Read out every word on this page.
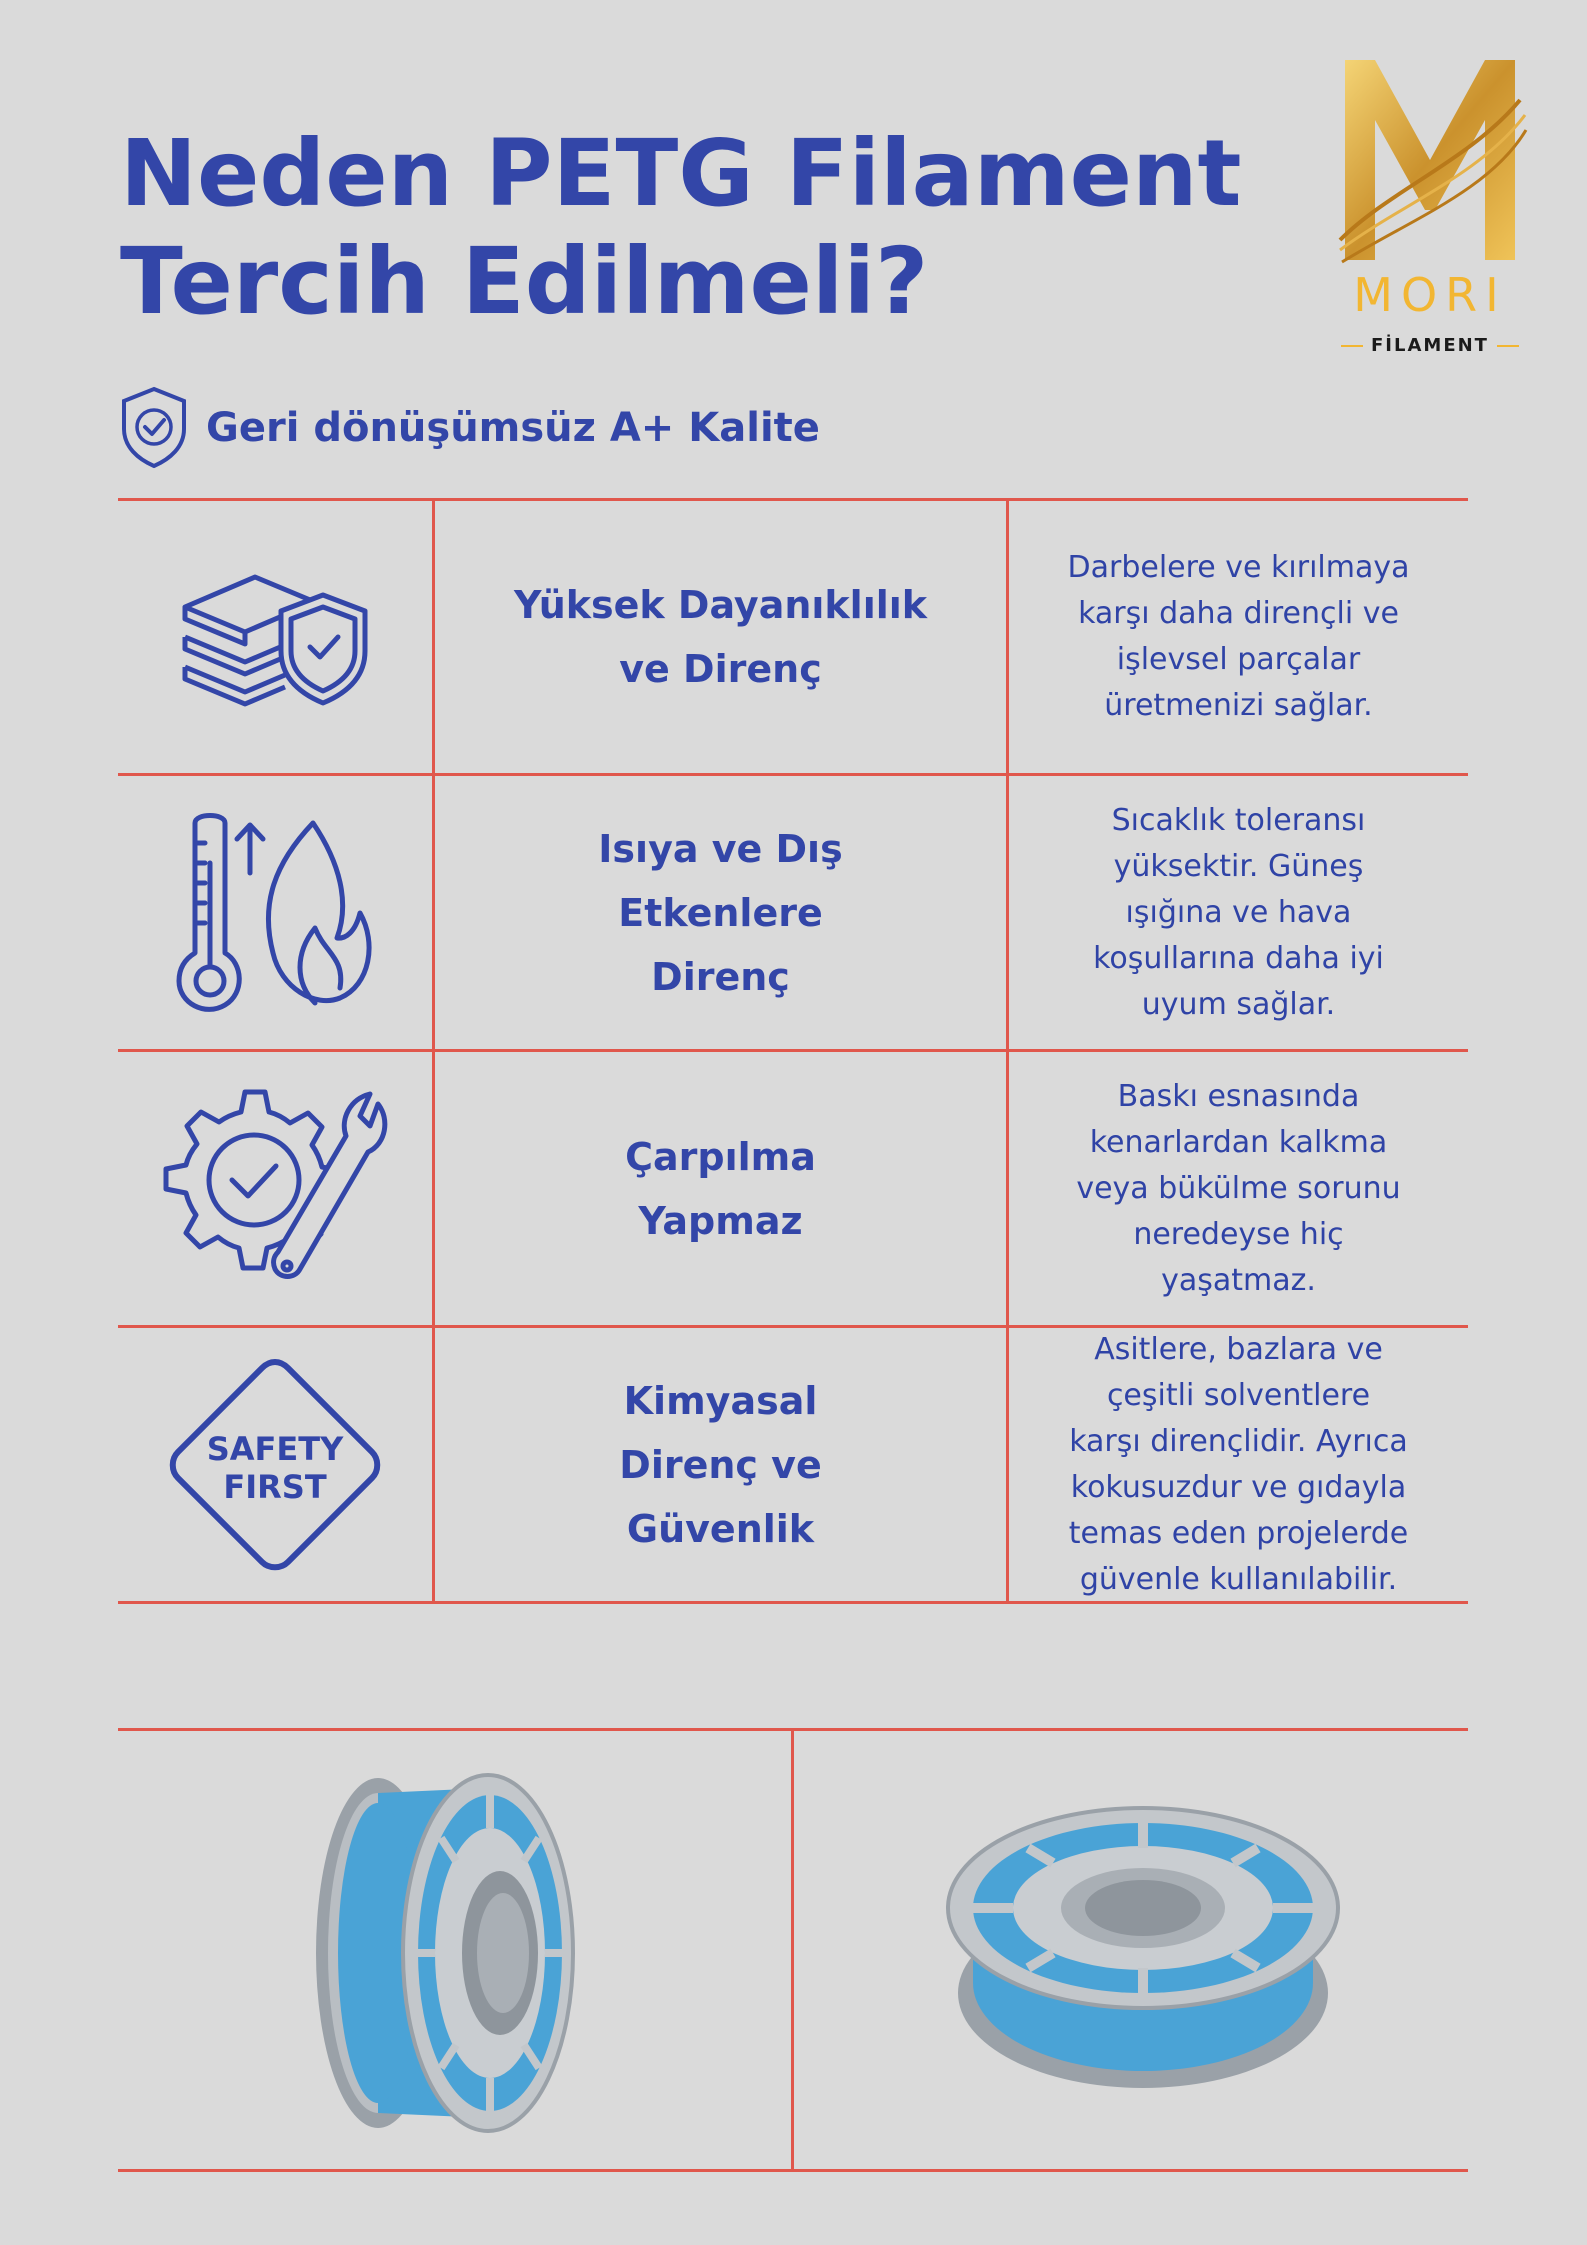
Neden PETG Filament
Tercih Edilmeli?	MORI
FİLAMENT
Geri dönüşümsüz A+ Kalite
Yüksek Dayanıklılık
ve Direnç
Darbelere ve kırılmaya
karşı daha dirençli ve
işlevsel parçalar
üretmenizi sağlar.
Isıya ve Dış
Etkenlere
Direnç
Sıcaklık toleransı
yüksektir. Güneş
ışığına ve hava
koşullarına daha iyi
uyum sağlar.
Çarpılma
Yapmaz
Baskı esnasında
kenarlardan kalkma
veya bükülme sorunu
neredeyse hiç
yaşatmaz.
SAFETY
FIRST
Kimyasal
Direnç ve
Güvenlik
Asitlere, bazlara ve
çeşitli solventlere
karşı dirençlidir. Ayrıca
kokusuzdur ve gıdayla
temas eden projelerde
güvenle kullanılabilir.
